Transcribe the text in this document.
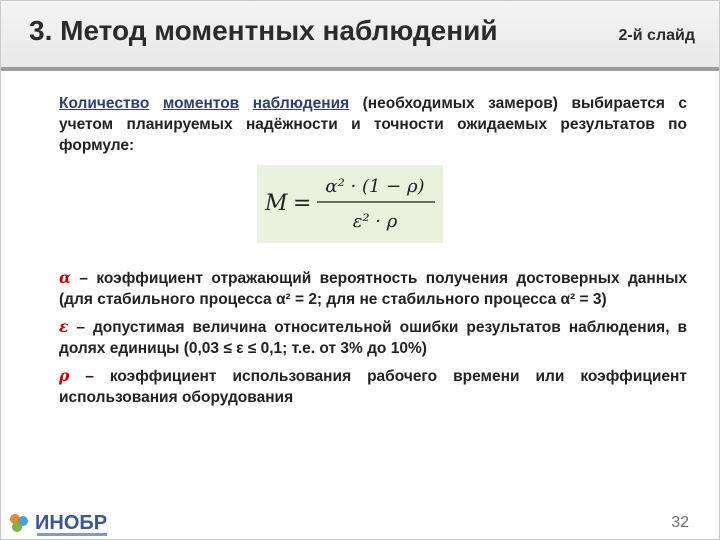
3. Метод моментных наблюдений	2-й слайд
Количество моментов наблюдения (необходимых замеров) выбирается с учетом планируемых надёжности и точности ожидаемых результатов по формуле:
M =
α² · (1 − ρ)
ε² · ρ
α – коэффициент отражающий вероятность получения достоверных данных (для стабильного процесса α² = 2; для не стабильного процесса α² = 3)
ε – допустимая величина относительной ошибки результатов наблюдения, в долях единицы (0,03 ≤ ε ≤ 0,1; т.е. от 3% до 10%)
ρ – коэффициент использования рабочего времени или коэффициент использования оборудования
ИНОБР	32
